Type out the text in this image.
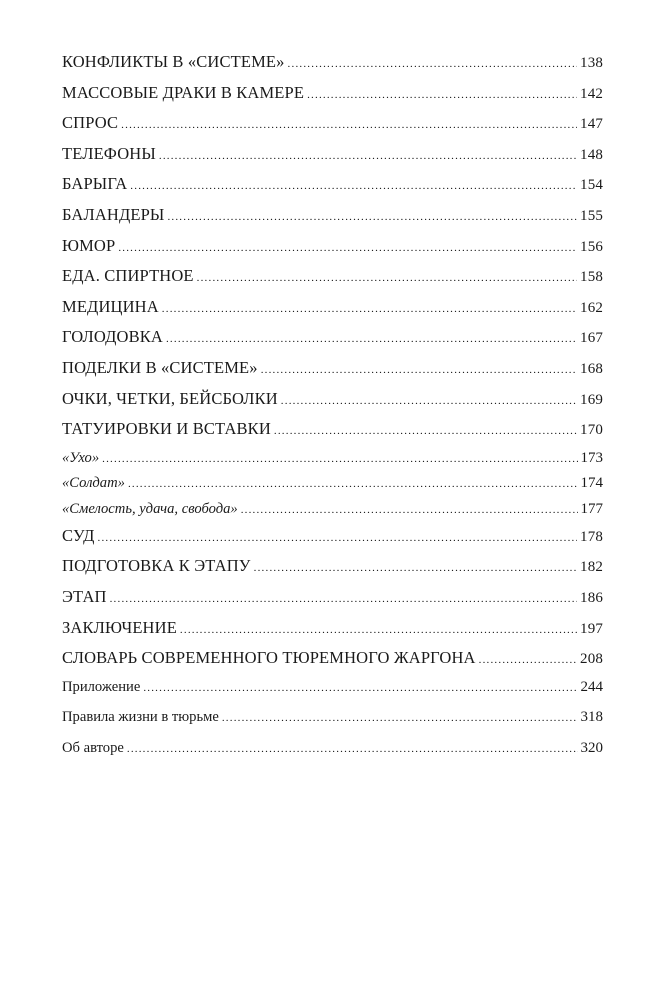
КОНФЛИКТЫ В «СИСТЕМЕ» .....	138
МАССОВЫЕ ДРАКИ В КАМЕРЕ .....	142
СПРОС .....	147
ТЕЛЕФОНЫ .....	148
БАРЫГА .....	154
БАЛАНДЕРЫ .....	155
ЮМОР .....	156
ЕДА. СПИРТНОЕ .....	158
МЕДИЦИНА .....	162
ГОЛОДОВКА .....	167
ПОДЕЛКИ В «СИСТЕМЕ» .....	168
ОЧКИ, ЧЕТКИ, БЕЙСБОЛКИ .....	169
ТАТУИРОВКИ И ВСТАВКИ .....	170
«Ухо» .....	173
«Солдат» .....	174
«Смелость, удача, свобода» .....	177
СУД .....	178
ПОДГОТОВКА К ЭТАПУ .....	182
ЭТАП .....	186
ЗАКЛЮЧЕНИЕ .....	197
СЛОВАРЬ СОВРЕМЕННОГО ТЮРЕМНОГО ЖАРГОНА .....	208
Приложение .....	244
Правила жизни в тюрьме .....	318
Об авторе .....	320
